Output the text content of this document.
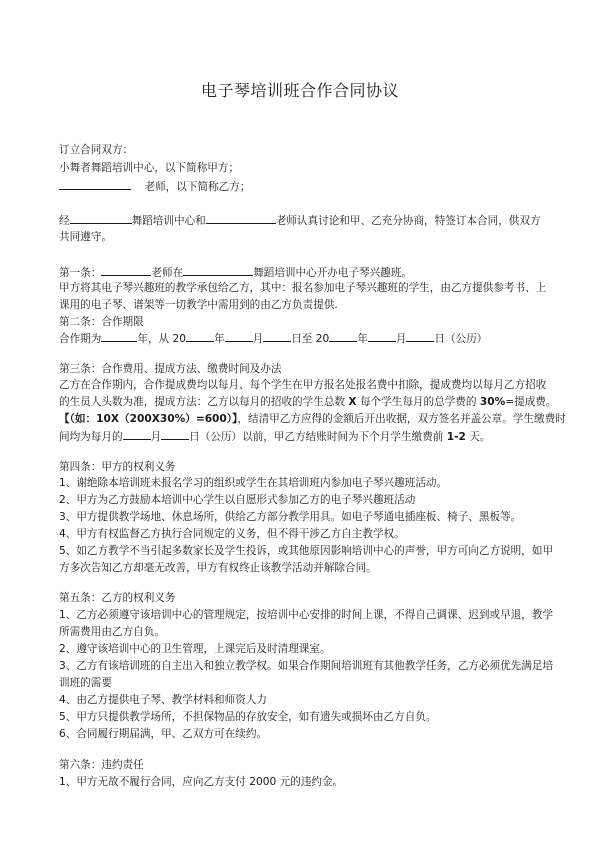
电子琴培训班合作合同协议
订立合同双方：
小舞者舞蹈培训中心，以下简称甲方；
老师，以下简称乙方；
经	舞蹈培训中心和	老师认真讨论和甲、乙充分协商，特签订本合同，供双方
共同遵守。
第一条：	老师在	舞蹈培训中心开办电子琴兴趣班。
甲方将其电子琴兴趣班的教学承包给乙方，其中：报名参加电子琴兴趣班的学生，由乙方提供参考书、上
课用的电子琴、谱架等一切教学中需用到的由乙方负责提供.
第二条：合作期限
合作期为	年，从 20	年	月	日至 20	年	月	日（公历）
第三条：合作费用、提成方法、缴费时间及办法
乙方在合作期内，合作提成费均以每月、每个学生在甲方报名处报名费中扣除，提成费均以每月乙方招收
的生员人头数为准，提成方法：乙方以每月的招收的学生总数 X 每个学生每月的总学费的 30%=提成费。
【（如：10X（200X30%）=600）】，结清甲乙方应得的金额后开出收据，双方签名并盖公章。学生缴费时
间均为每月的	月	日（公历）以前，甲乙方结账时间为下个月学生缴费前 1-2 天。
第四条：甲方的权利义务
1、谢绝除本培训班未报名学习的组织或学生在其培训班内参加电子琴兴趣班活动。
2、甲方为乙方鼓励本培训中心学生以自愿形式参加乙方的电子琴兴趣班活动
3、甲方提供教学场地、休息场所，供给乙方部分教学用具。如电子琴通电插座板、椅子、黑板等。
4、甲方有权监督乙方执行合同规定的义务，但不得干涉乙方自主教学权。
5、如乙方教学不当引起多数家长及学生投诉，或其他原因影响培训中心的声誉，甲方可向乙方说明，如甲
方多次告知乙方却毫无改善，甲方有权终止该教学活动并解除合同。
第五条：乙方的权利义务
1、乙方必须遵守该培训中心的管理规定，按培训中心安排的时间上课，不得自己调课、迟到或早退，教学
所需费用由乙方自负。
2、遵守该培训中心的卫生管理，上课完后及时清理课室。
3、乙方有该培训班的自主出入和独立教学权。如果合作期间培训班有其他教学任务，乙方必须优先满足培
训班的需要
4、由乙方提供电子琴、教学材料和师资人力
5、甲方只提供教学场所，不担保物品的存放安全，如有遗失或损坏由乙方自负。
6、合同履行期届满，甲、乙双方可在续约。
第六条：违约责任
1、甲方无故不履行合同，应向乙方支付 2000 元的违约金。
